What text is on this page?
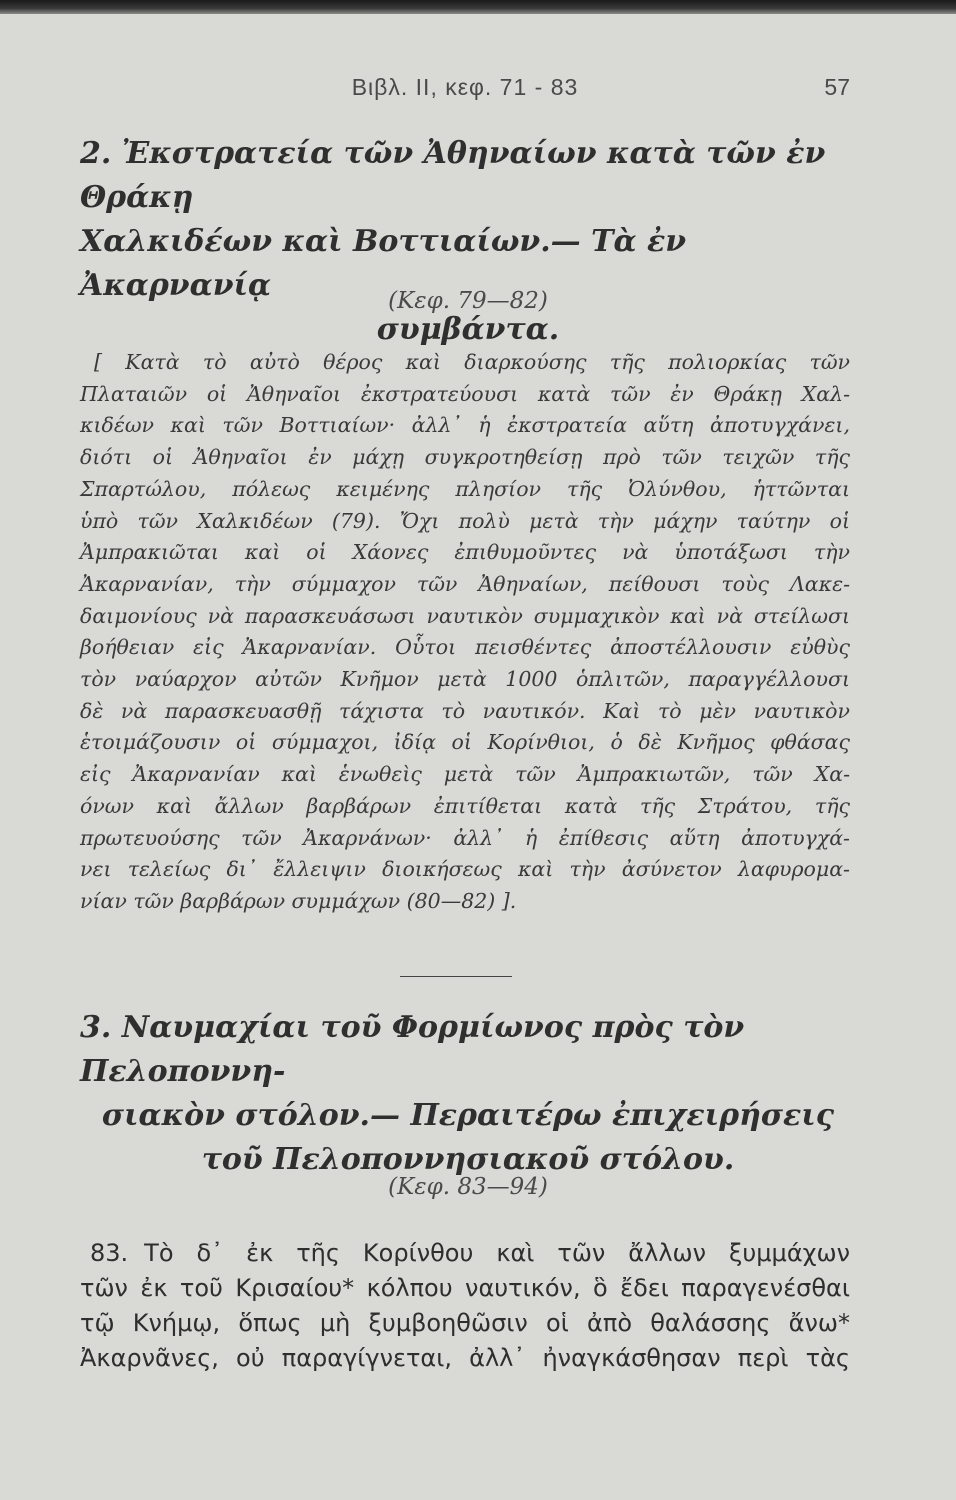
Βιβλ. II, κεφ. 71 - 83	57
2. Ἐκστρατεία τῶν Ἀθηναίων κατὰ τῶν ἐν Θράκῃ
Χαλκιδέων καὶ Βοττιαίων.— Τὰ ἐν Ἀκαρνανίᾳ
συμβάντα.
(Κεφ. 79—82)
[ Κατὰ τὸ αὐτὸ θέρος καὶ διαρκούσης τῆς πολιορκίας τῶν
Πλαταιῶν οἱ Ἀθηναῖοι ἐκστρατεύουσι κατὰ τῶν ἐν Θράκῃ Χαλ-
κιδέων καὶ τῶν Βοττιαίων· ἀλλ᾽ ἡ ἐκστρατεία αὕτη ἀποτυγχάνει,
διότι οἱ Ἀθηναῖοι ἐν μάχῃ συγκροτηθείσῃ πρὸ τῶν τειχῶν τῆς
Σπαρτώλου, πόλεως κειμένης πλησίον τῆς Ὀλύνθου, ἡττῶνται
ὑπὸ τῶν Χαλκιδέων (79). Ὄχι πολὺ μετὰ τὴν μάχην ταύτην οἱ
Ἀμπρακιῶται καὶ οἱ Χάονες ἐπιθυμοῦντες νὰ ὑποτάξωσι τὴν
Ἀκαρνανίαν, τὴν σύμμαχον τῶν Ἀθηναίων, πείθουσι τοὺς Λακε-
δαιμονίους νὰ παρασκευάσωσι ναυτικὸν συμμαχικὸν καὶ νὰ στείλωσι
βοήθειαν εἰς Ἀκαρνανίαν. Οὗτοι πεισθέντες ἀποστέλλουσιν εὐθὺς
τὸν ναύαρχον αὐτῶν Κνῆμον μετὰ 1000 ὁπλιτῶν, παραγγέλλουσι
δὲ νὰ παρασκευασθῇ τάχιστα τὸ ναυτικόν. Καὶ τὸ μὲν ναυτικὸν
ἑτοιμάζουσιν οἱ σύμμαχοι, ἰδίᾳ οἱ Κορίνθιοι, ὁ δὲ Κνῆμος φθάσας
εἰς Ἀκαρνανίαν καὶ ἑνωθεὶς μετὰ τῶν Ἀμπρακιωτῶν, τῶν Χα-
όνων καὶ ἄλλων βαρβάρων ἐπιτίθεται κατὰ τῆς Στράτου, τῆς
πρωτευούσης τῶν Ἀκαρνάνων· ἀλλ᾽ ἡ ἐπίθεσις αὕτη ἀποτυγχά-
νει τελείως δι᾽ ἔλλειψιν διοικήσεως καὶ τὴν ἀσύνετον λαφυρομα-
νίαν τῶν βαρβάρων συμμάχων (80—82) ].
3. Ναυμαχίαι τοῦ Φορμίωνος πρὸς τὸν Πελοποννη-
σιακὸν στόλον.— Περαιτέρω ἐπιχειρήσεις
τοῦ Πελοποννησιακοῦ στόλου.
(Κεφ. 83—94)
83. Τὸ δ᾽ ἐκ τῆς Κορίνθου καὶ τῶν ἄλλων ξυμμάχων
τῶν ἐκ τοῦ Κρισαίου* κόλπου ναυτικόν, ὃ ἔδει παραγενέσθαι
τῷ Κνήμῳ, ὅπως μὴ ξυμβοηθῶσιν οἱ ἀπὸ θαλάσσης ἄνω*
Ἀκαρνᾶνες, οὐ παραγίγνεται, ἀλλ᾽ ἠναγκάσθησαν περὶ τὰς
